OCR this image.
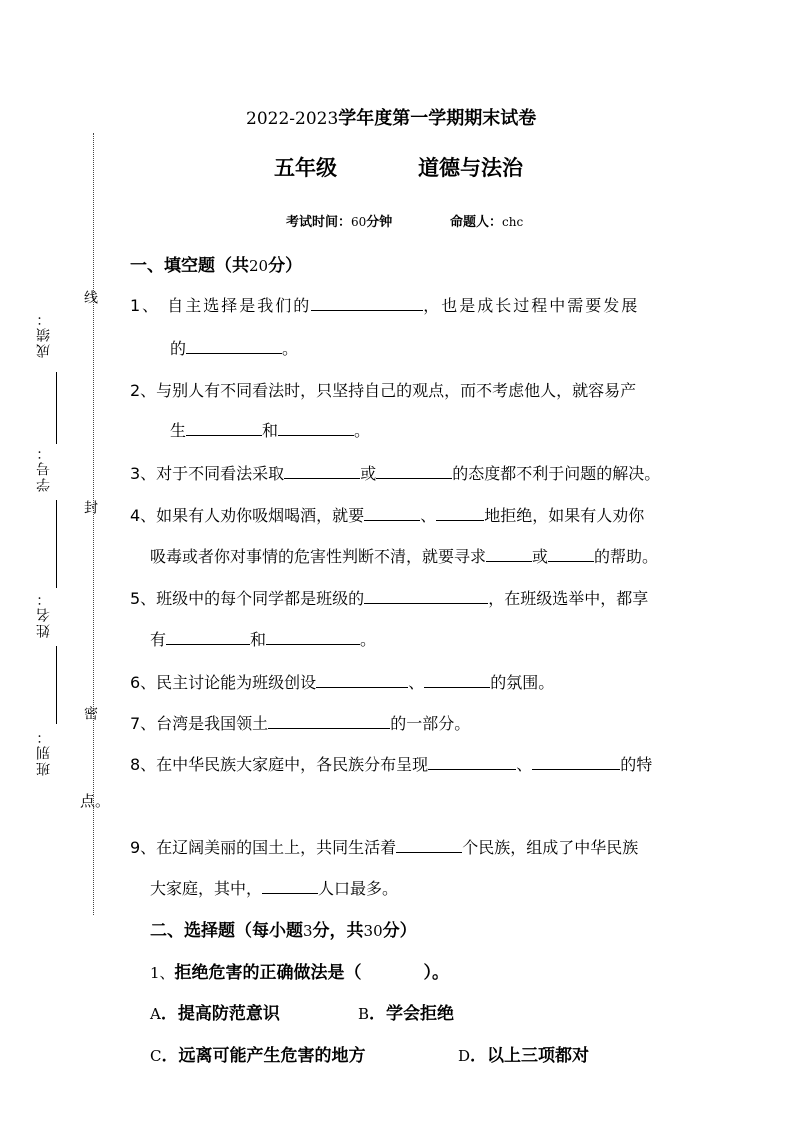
成绩：
学号：
姓名：
班别：
线
封
密
点。
2022-2023学年度第一学期期末试卷
五年级	道德与法治
考试时间：60分钟	命题人：chc
一、填空题（共20分）
1、 自主选择是我们的	，也是成长过程中需要发展
的	。
2、与别人有不同看法时，只坚持自己的观点，而不考虑他人，就容易产
生	和	。
3、对于不同看法采取	或	的态度都不利于问题的解决。
4、如果有人劝你吸烟喝酒，就要	、	地拒绝，如果有人劝你
吸毒或者你对事情的危害性判断不清，就要寻求	或	的帮助。
5、班级中的每个同学都是班级的	，在班级选举中，都享
有	和	。
6、民主讨论能为班级创设	、	的氛围。
7、台湾是我国领土	的一部分。
8、在中华民族大家庭中，各民族分布呈现	、	的特
9、在辽阔美丽的国土上，共同生活着	个民族，组成了中华民族
大家庭，其中，	人口最多。
二、选择题（每小题3分，共30分）
1、拒绝危害的正确做法是（	）。
A．提高防范意识	B．学会拒绝
C．远离可能产生危害的地方	D．以上三项都对
